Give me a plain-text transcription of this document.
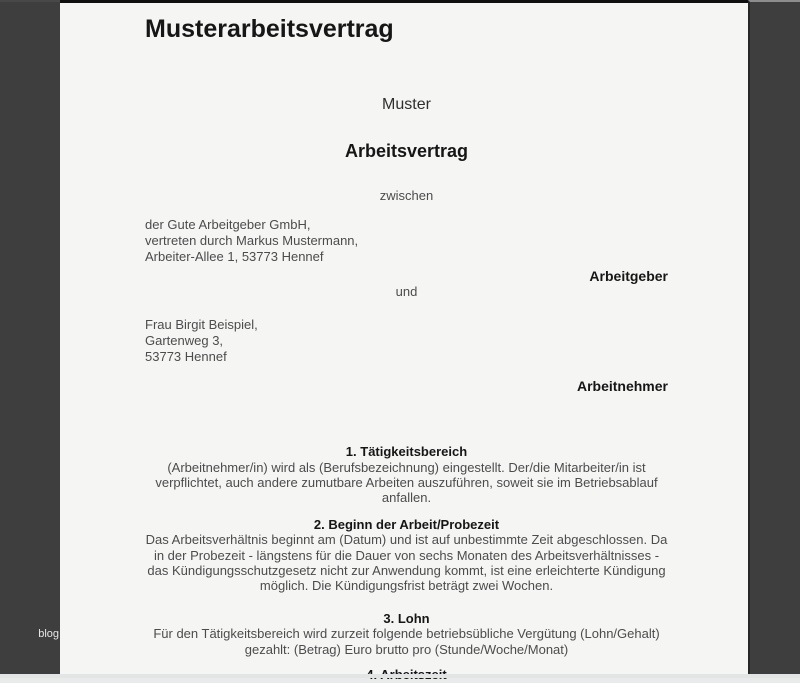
blog
Musterarbeitsvertrag
Muster
Arbeitsvertrag
zwischen
der Gute Arbeitgeber GmbH,
vertreten durch Markus Mustermann,
Arbeiter-Allee 1, 53773 Hennef
Arbeitgeber
und
Frau Birgit Beispiel,
Gartenweg 3,
53773 Hennef
Arbeitnehmer
1. Tätigkeitsbereich
(Arbeitnehmer/in) wird als (Berufsbezeichnung) eingestellt. Der/die Mitarbeiter/in ist verpflichtet, auch andere zumutbare Arbeiten auszuführen, soweit sie im Betriebsablauf anfallen.
2. Beginn der Arbeit/Probezeit
Das Arbeitsverhältnis beginnt am (Datum) und ist auf unbestimmte Zeit abgeschlossen. Da in der Probezeit - längstens für die Dauer von sechs Monaten des Arbeitsverhältnisses - das Kündigungsschutzgesetz nicht zur Anwendung kommt, ist eine erleichterte Kündigung möglich. Die Kündigungsfrist beträgt zwei Wochen.
3. Lohn
Für den Tätigkeitsbereich wird zurzeit folgende betriebsübliche Vergütung (Lohn/Gehalt) gezahlt: (Betrag) Euro brutto pro (Stunde/Woche/Monat)
